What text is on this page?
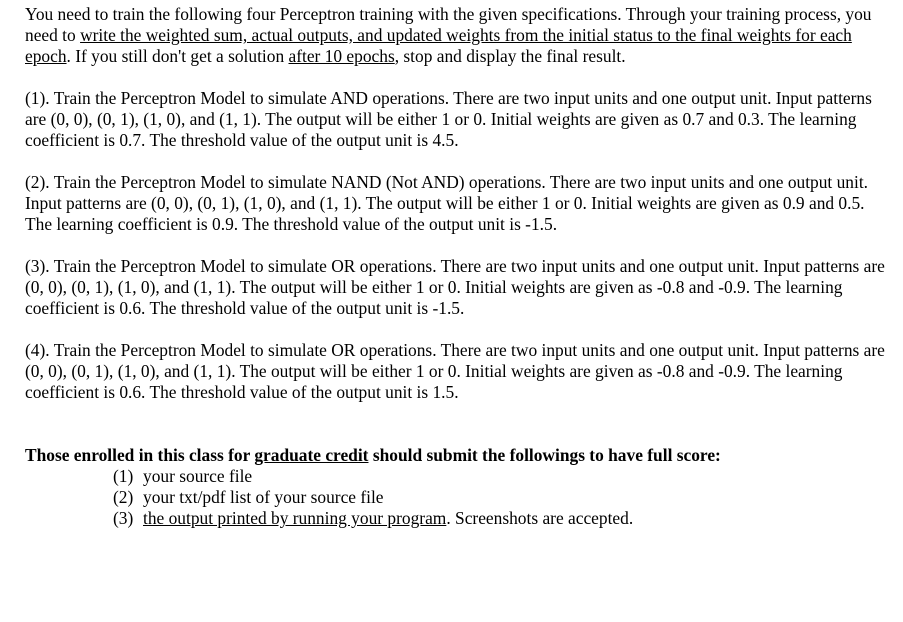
You need to train the following four Perceptron training with the given specifications. Through your training process, you need to write the weighted sum, actual outputs, and updated weights from the initial status to the final weights for each epoch. If you still don't get a solution after 10 epochs, stop and display the final result.

(1). Train the Perceptron Model to simulate AND operations. There are two input units and one output unit. Input patterns are (0, 0), (0, 1), (1, 0), and (1, 1). The output will be either 1 or 0. Initial weights are given as 0.7 and 0.3. The learning coefficient is 0.7. The threshold value of the output unit is 4.5.

(2). Train the Perceptron Model to simulate NAND (Not AND) operations. There are two input units and one output unit. Input patterns are (0, 0), (0, 1), (1, 0), and (1, 1). The output will be either 1 or 0. Initial weights are given as 0.9 and 0.5. The learning coefficient is 0.9. The threshold value of the output unit is -1.5.

(3). Train the Perceptron Model to simulate OR operations. There are two input units and one output unit. Input patterns are (0, 0), (0, 1), (1, 0), and (1, 1). The output will be either 1 or 0. Initial weights are given as -0.8 and -0.9. The learning coefficient is 0.6. The threshold value of the output unit is -1.5.

(4). Train the Perceptron Model to simulate OR operations. There are two input units and one output unit. Input patterns are (0, 0), (0, 1), (1, 0), and (1, 1). The output will be either 1 or 0. Initial weights are given as -0.8 and -0.9. The learning coefficient is 0.6. The threshold value of the output unit is 1.5.

Those enrolled in this class for graduate credit should submit the followings to have full score:

(1) your source file
(2) your txt/pdf list of your source file
(3) the output printed by running your program. Screenshots are accepted.
